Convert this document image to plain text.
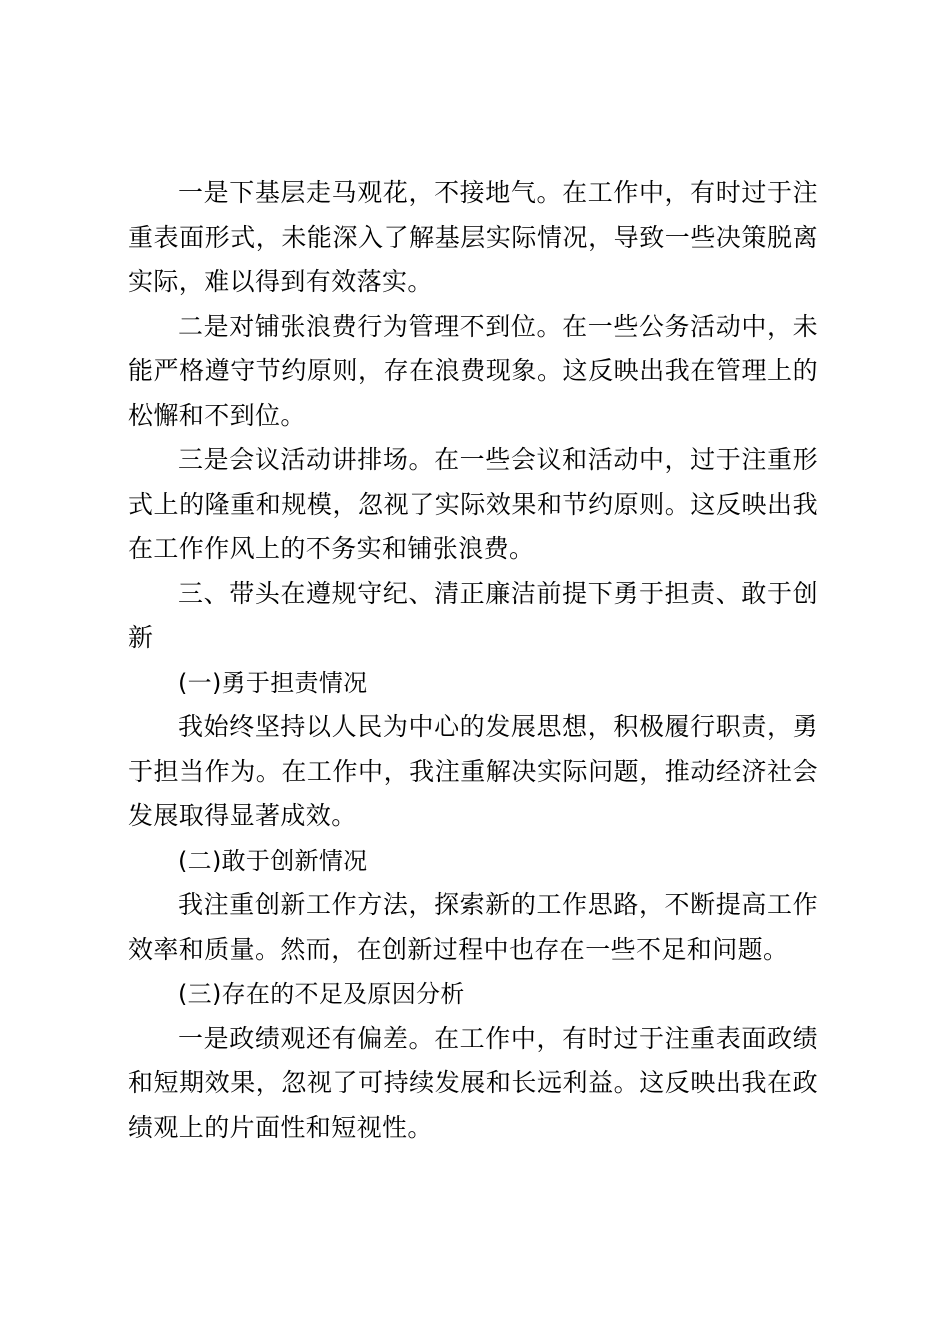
一是下基层走马观花，不接地气。在工作中，有时过于注重表面形式，未能深入了解基层实际情况，导致一些决策脱离实际，难以得到有效落实。

二是对铺张浪费行为管理不到位。在一些公务活动中，未能严格遵守节约原则，存在浪费现象。这反映出我在管理上的松懈和不到位。

三是会议活动讲排场。在一些会议和活动中，过于注重形式上的隆重和规模，忽视了实际效果和节约原则。这反映出我在工作作风上的不务实和铺张浪费。

三、带头在遵规守纪、清正廉洁前提下勇于担责、敢于创新

(一)勇于担责情况

我始终坚持以人民为中心的发展思想，积极履行职责，勇于担当作为。在工作中，我注重解决实际问题，推动经济社会发展取得显著成效。

(二)敢于创新情况

我注重创新工作方法，探索新的工作思路，不断提高工作效率和质量。然而，在创新过程中也存在一些不足和问题。

(三)存在的不足及原因分析

一是政绩观还有偏差。在工作中，有时过于注重表面政绩和短期效果，忽视了可持续发展和长远利益。这反映出我在政绩观上的片面性和短视性。
